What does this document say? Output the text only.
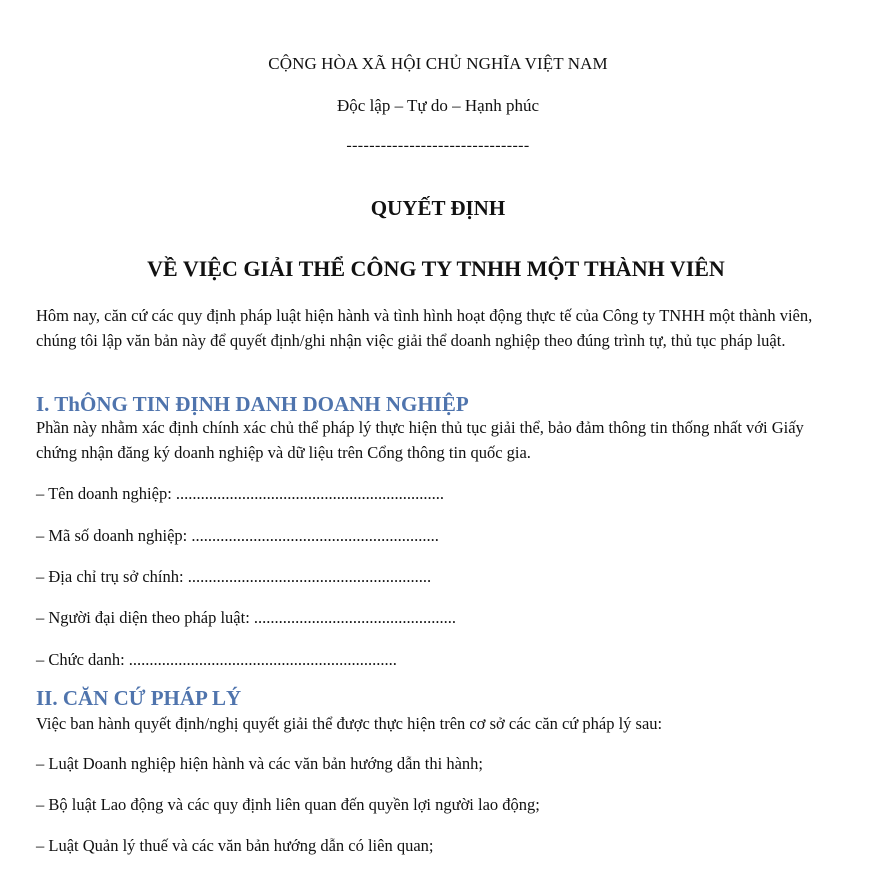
CỘNG HÒA XÃ HỘI CHỦ NGHĨA VIỆT NAM

Độc lập – Tự do – Hạnh phúc

--------------------------------

QUYẾT ĐỊNH

VỀ VIỆC GIẢI THỂ CÔNG TY TNHH MỘT THÀNH VIÊN

Hôm nay, căn cứ các quy định pháp luật hiện hành và tình hình hoạt động thực tế của Công ty TNHH một thành viên, chúng tôi lập văn bản này để quyết định/ghi nhận việc giải thể doanh nghiệp theo đúng trình tự, thủ tục pháp luật.

I. ThÔNG TIN ĐỊNH DANH DOANH NGHIỆP

Phần này nhằm xác định chính xác chủ thể pháp lý thực hiện thủ tục giải thể, bảo đảm thông tin thống nhất với Giấy chứng nhận đăng ký doanh nghiệp và dữ liệu trên Cổng thông tin quốc gia.

– Tên doanh nghiệp: .................................................................

– Mã số doanh nghiệp: ............................................................

– Địa chỉ trụ sở chính: ...........................................................

– Người đại diện theo pháp luật: .................................................

– Chức danh: .................................................................

II. CĂN CỨ PHÁP LÝ

Việc ban hành quyết định/nghị quyết giải thể được thực hiện trên cơ sở các căn cứ pháp lý sau:

– Luật Doanh nghiệp hiện hành và các văn bản hướng dẫn thi hành;

– Bộ luật Lao động và các quy định liên quan đến quyền lợi người lao động;

– Luật Quản lý thuế và các văn bản hướng dẫn có liên quan;
